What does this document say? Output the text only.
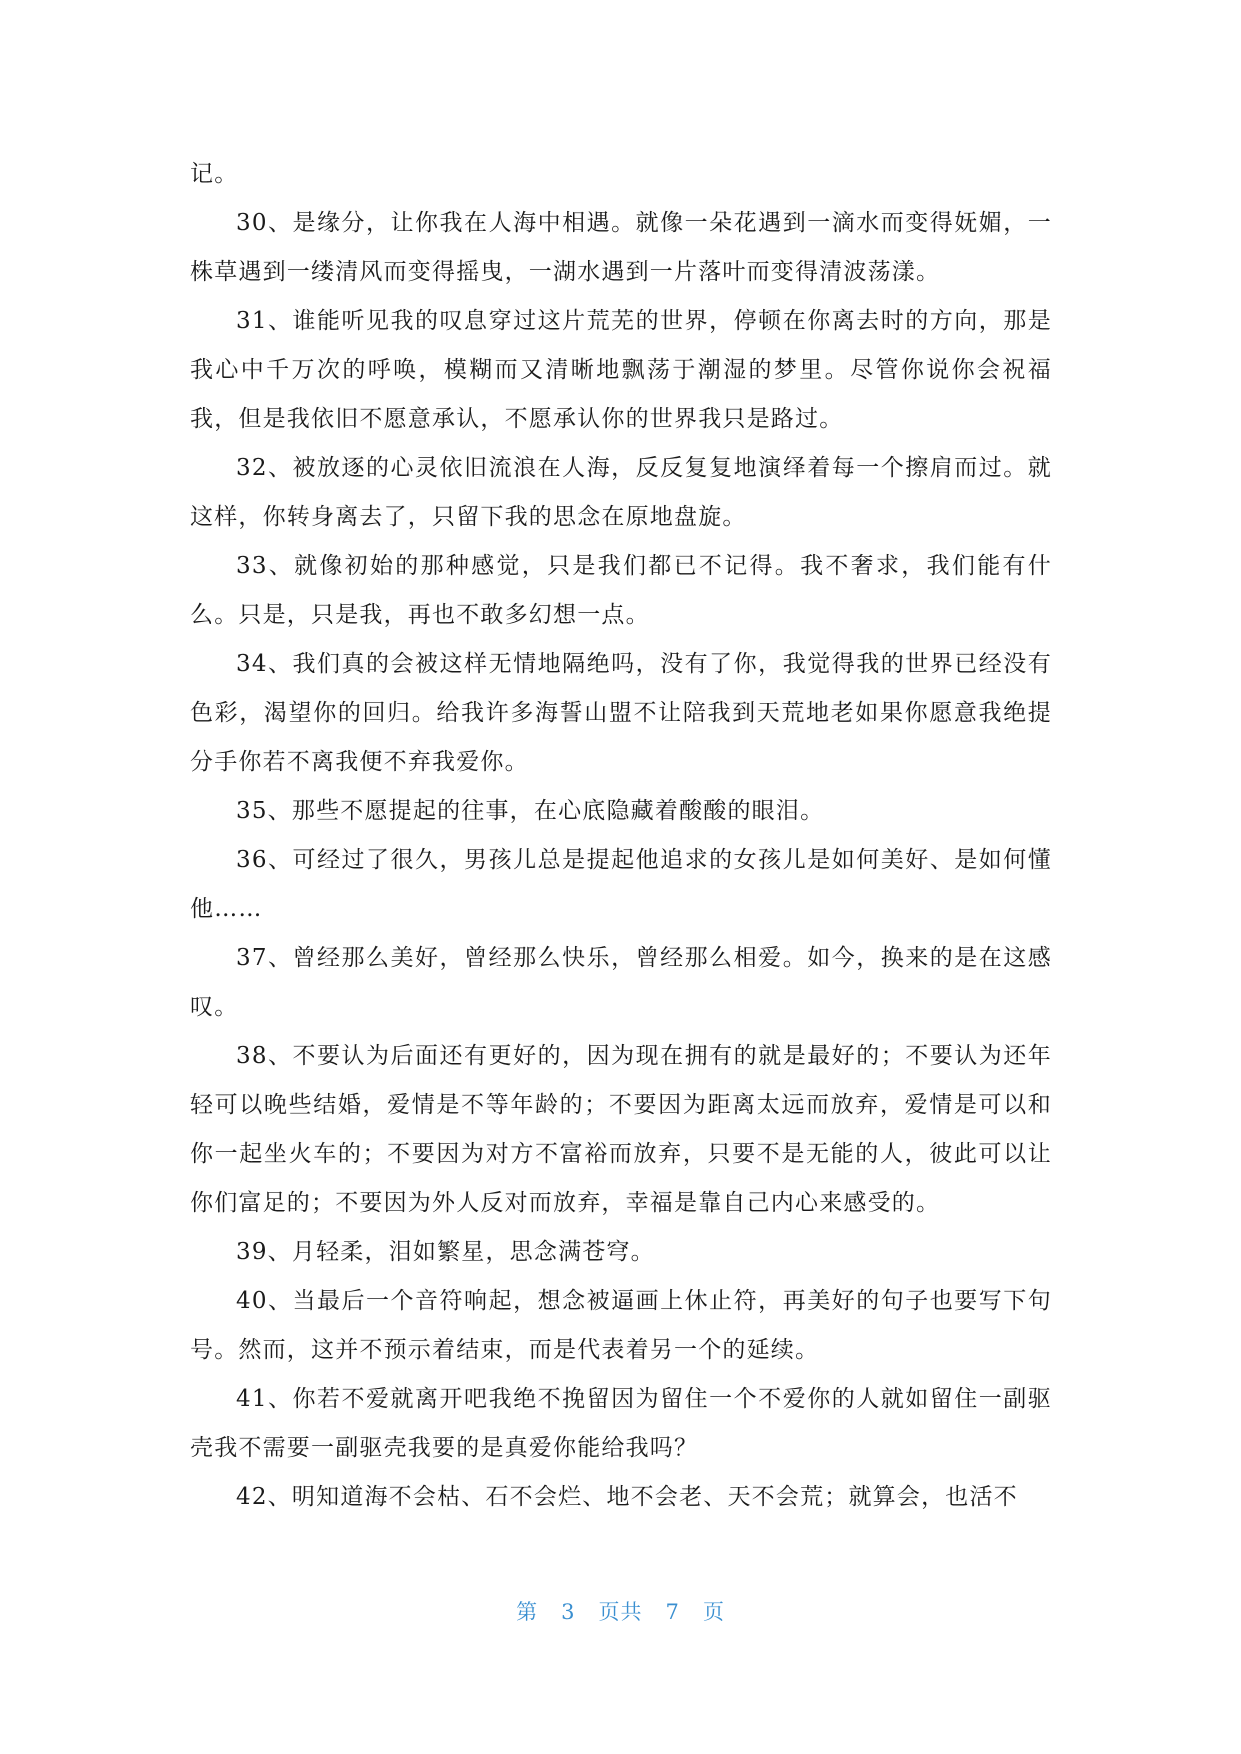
记。

30、是缘分，让你我在人海中相遇。就像一朵花遇到一滴水而变得妩媚，一株草遇到一缕清风而变得摇曳，一湖水遇到一片落叶而变得清波荡漾。

31、谁能听见我的叹息穿过这片荒芜的世界，停顿在你离去时的方向，那是我心中千万次的呼唤，模糊而又清晰地飘荡于潮湿的梦里。尽管你说你会祝福我，但是我依旧不愿意承认，不愿承认你的世界我只是路过。

32、被放逐的心灵依旧流浪在人海，反反复复地演绎着每一个擦肩而过。就这样，你转身离去了，只留下我的思念在原地盘旋。

33、就像初始的那种感觉，只是我们都已不记得。我不奢求，我们能有什么。只是，只是我，再也不敢多幻想一点。

34、我们真的会被这样无情地隔绝吗，没有了你，我觉得我的世界已经没有色彩，渴望你的回归。给我许多海誓山盟不让陪我到天荒地老如果你愿意我绝提分手你若不离我便不弃我爱你。

35、那些不愿提起的往事，在心底隐藏着酸酸的眼泪。

36、可经过了很久，男孩儿总是提起他追求的女孩儿是如何美好、是如何懂他……

37、曾经那么美好，曾经那么快乐，曾经那么相爱。如今，换来的是在这感叹。

38、不要认为后面还有更好的，因为现在拥有的就是最好的；不要认为还年轻可以晚些结婚，爱情是不等年龄的；不要因为距离太远而放弃，爱情是可以和你一起坐火车的；不要因为对方不富裕而放弃，只要不是无能的人，彼此可以让你们富足的；不要因为外人反对而放弃，幸福是靠自己内心来感受的。

39、月轻柔，泪如繁星，思念满苍穹。

40、当最后一个音符响起，想念被逼画上休止符，再美好的句子也要写下句号。然而，这并不预示着结束，而是代表着另一个的延续。

41、你若不爱就离开吧我绝不挽留因为留住一个不爱你的人就如留住一副驱壳我不需要一副驱壳我要的是真爱你能给我吗？

42、明知道海不会枯、石不会烂、地不会老、天不会荒；就算会，也活不

第 3 页共 7 页
